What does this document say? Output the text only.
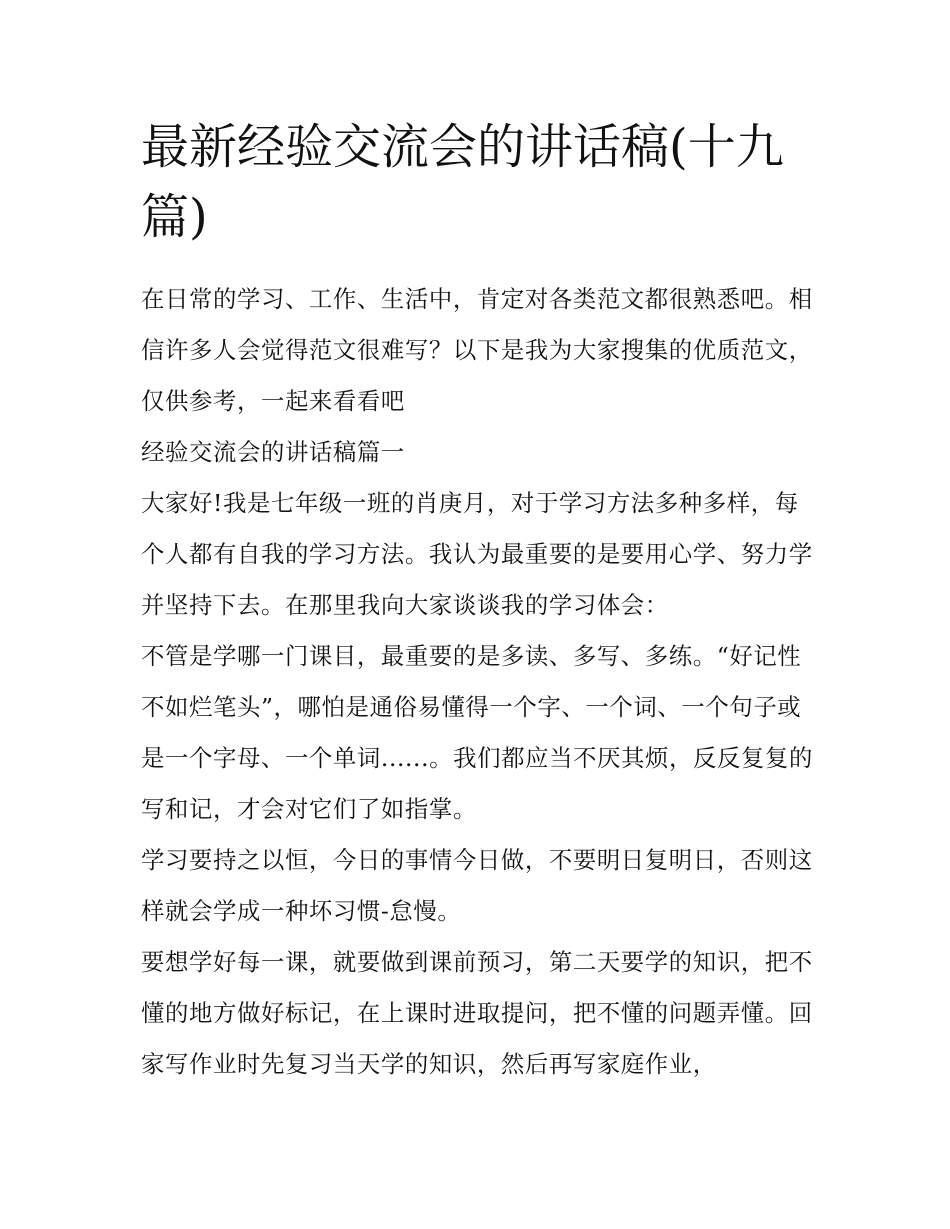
最新经验交流会的讲话稿(十九篇)

在日常的学习、工作、生活中，肯定对各类范文都很熟悉吧。相信许多人会觉得范文很难写？以下是我为大家搜集的优质范文，仅供参考，一起来看看吧

经验交流会的讲话稿篇一

大家好!我是七年级一班的肖庚月，对于学习方法多种多样，每个人都有自我的学习方法。我认为最重要的是要用心学、努力学并坚持下去。在那里我向大家谈谈我的学习体会：

不管是学哪一门课目，最重要的是多读、多写、多练。“好记性不如烂笔头”，哪怕是通俗易懂得一个字、一个词、一个句子或是一个字母、一个单词......。我们都应当不厌其烦，反反复复的写和记，才会对它们了如指掌。

学习要持之以恒，今日的事情今日做，不要明日复明日，否则这样就会学成一种坏习惯-怠慢。

要想学好每一课，就要做到课前预习，第二天要学的知识，把不懂的地方做好标记，在上课时进取提问，把不懂的问题弄懂。回家写作业时先复习当天学的知识，然后再写家庭作业，
